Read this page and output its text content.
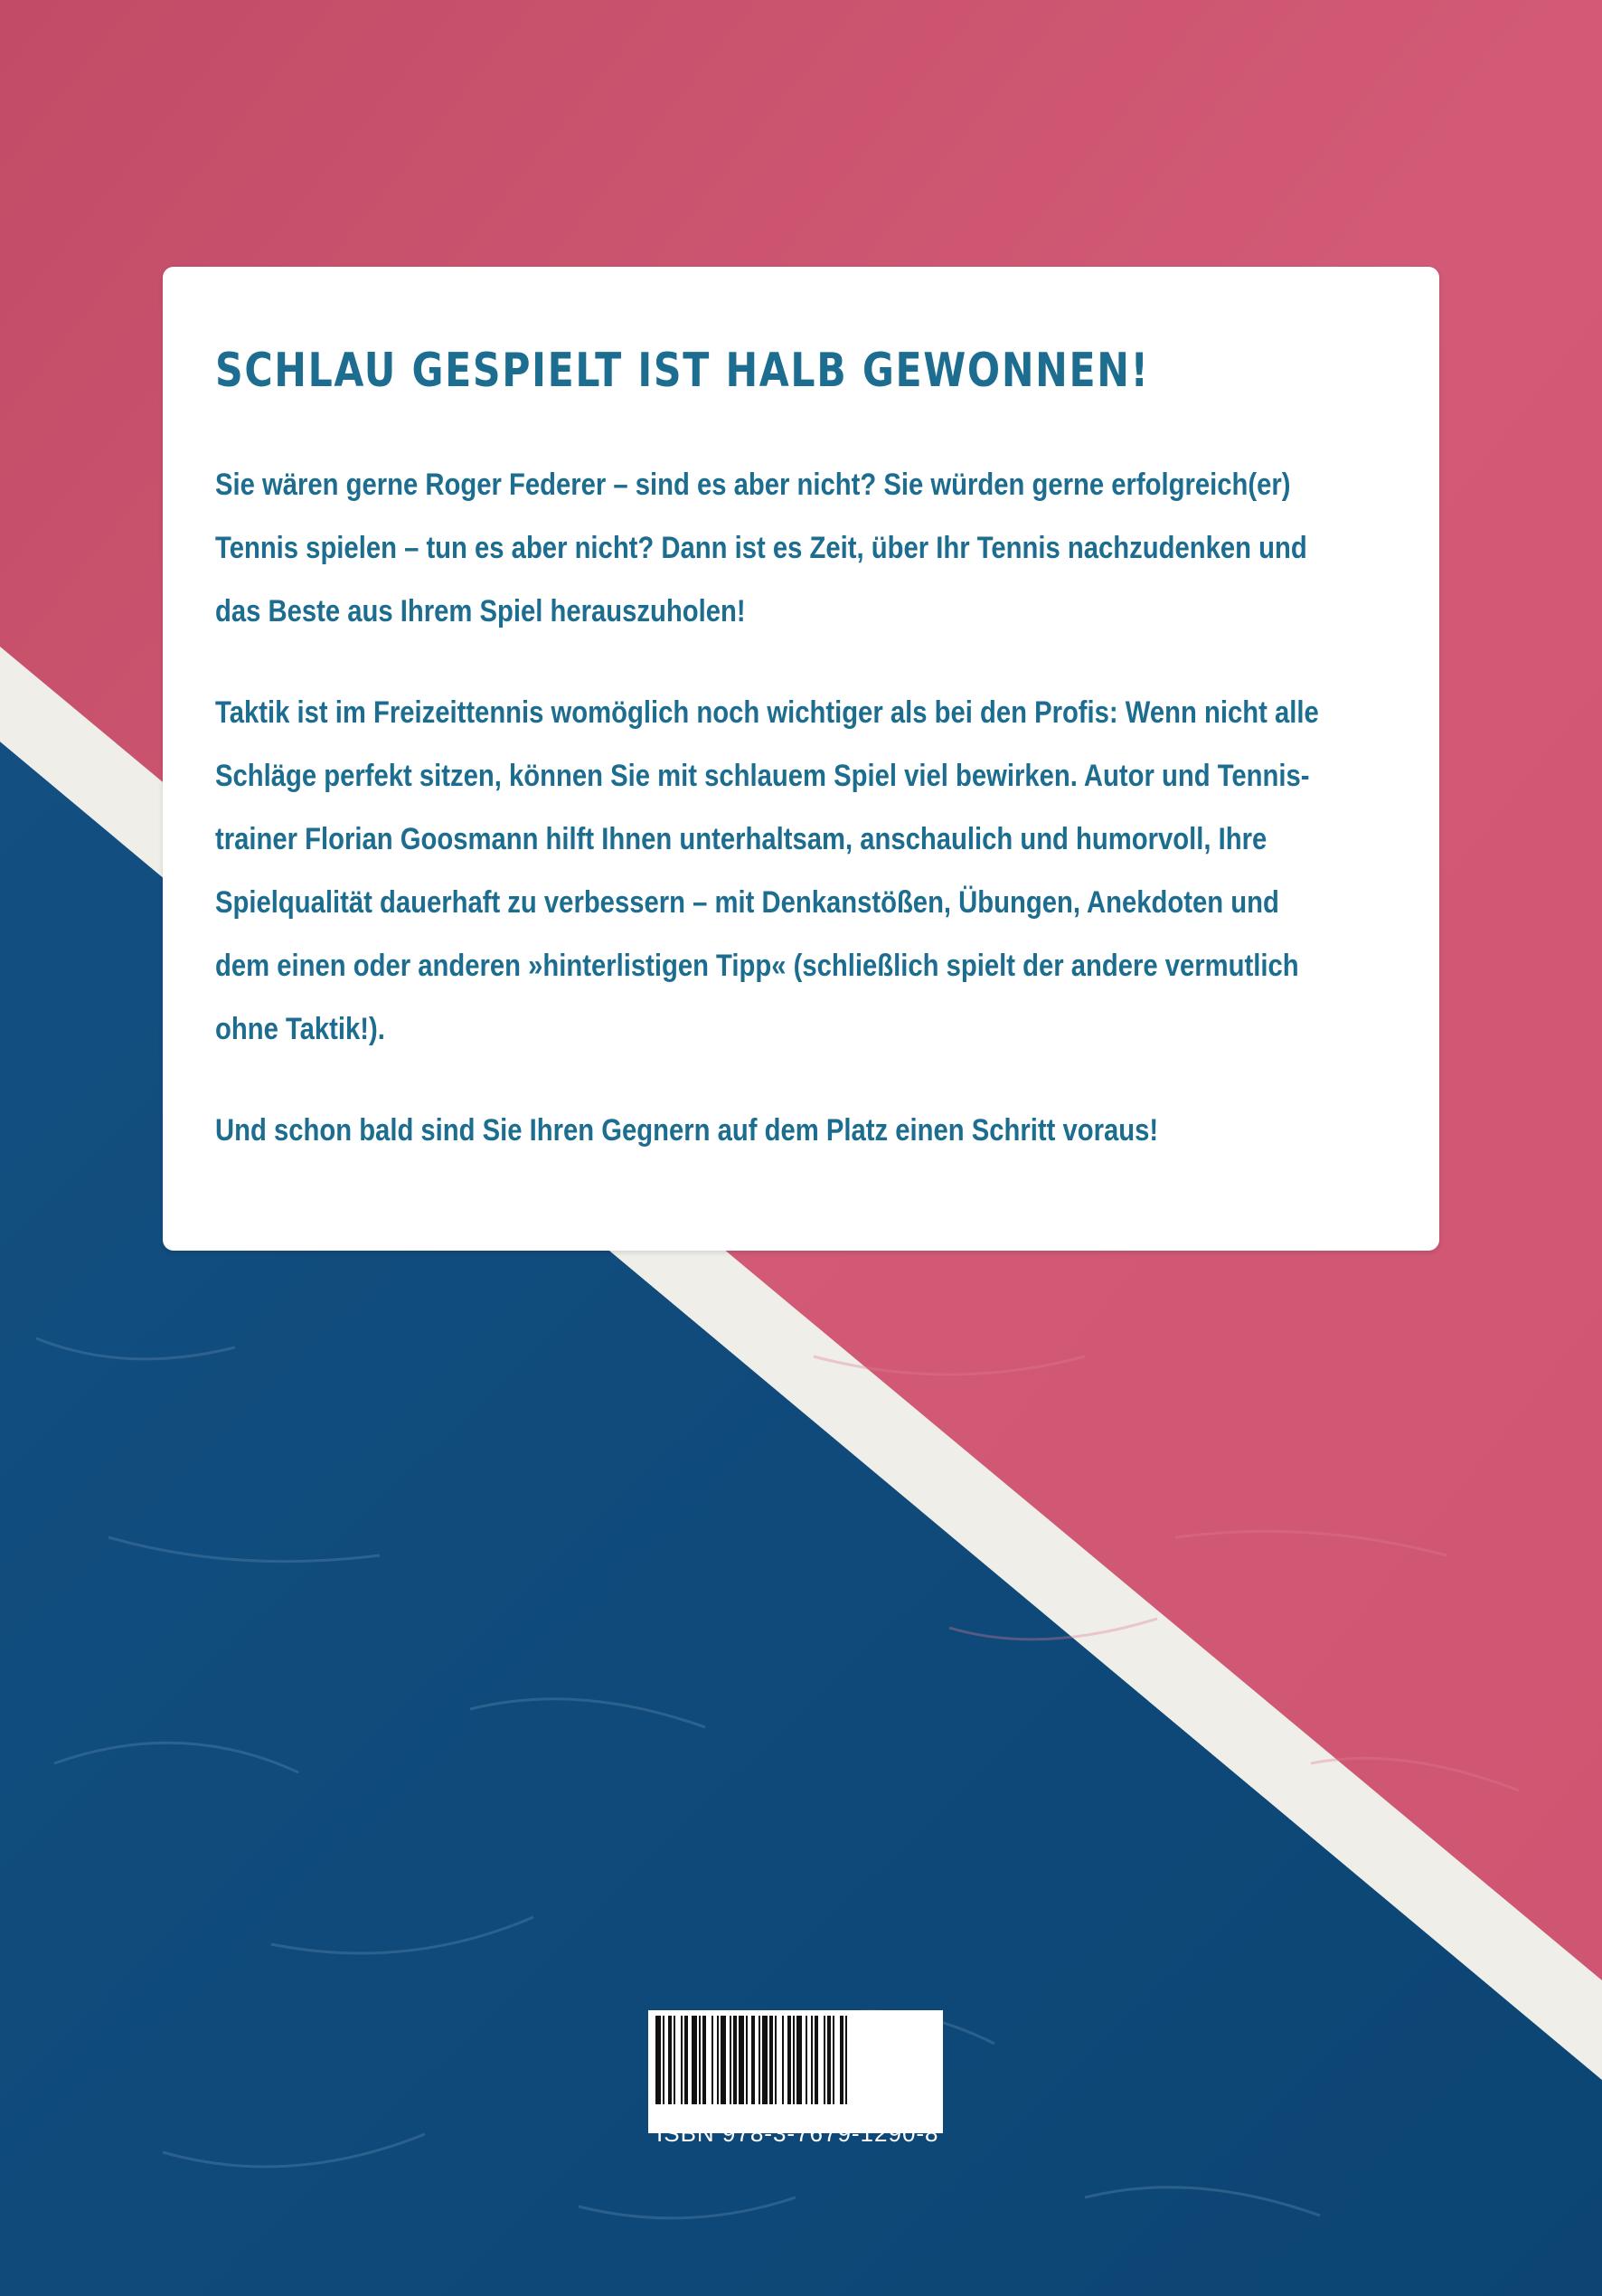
SCHLAU GESPIELT IST HALB GEWONNEN!

Sie wären gerne Roger Federer – sind es aber nicht? Sie würden gerne erfolgreich(er)
Tennis spielen – tun es aber nicht? Dann ist es Zeit, über Ihr Tennis nachzudenken und
das Beste aus Ihrem Spiel herauszuholen!

Taktik ist im Freizeittennis womöglich noch wichtiger als bei den Profis: Wenn nicht alle
Schläge perfekt sitzen, können Sie mit schlauem Spiel viel bewirken. Autor und Tennis-
trainer Florian Goosmann hilft Ihnen unterhaltsam, anschaulich und humorvoll, Ihre
Spielqualität dauerhaft zu verbessern – mit Denkanstößen, Übungen, Anekdoten und
dem einen oder anderen »hinterlistigen Tipp« (schließlich spielt der andere vermutlich
ohne Taktik!).

Und schon bald sind Sie Ihren Gegnern auf dem Platz einen Schritt voraus!

ISBN 978-3-7679-1290-8
